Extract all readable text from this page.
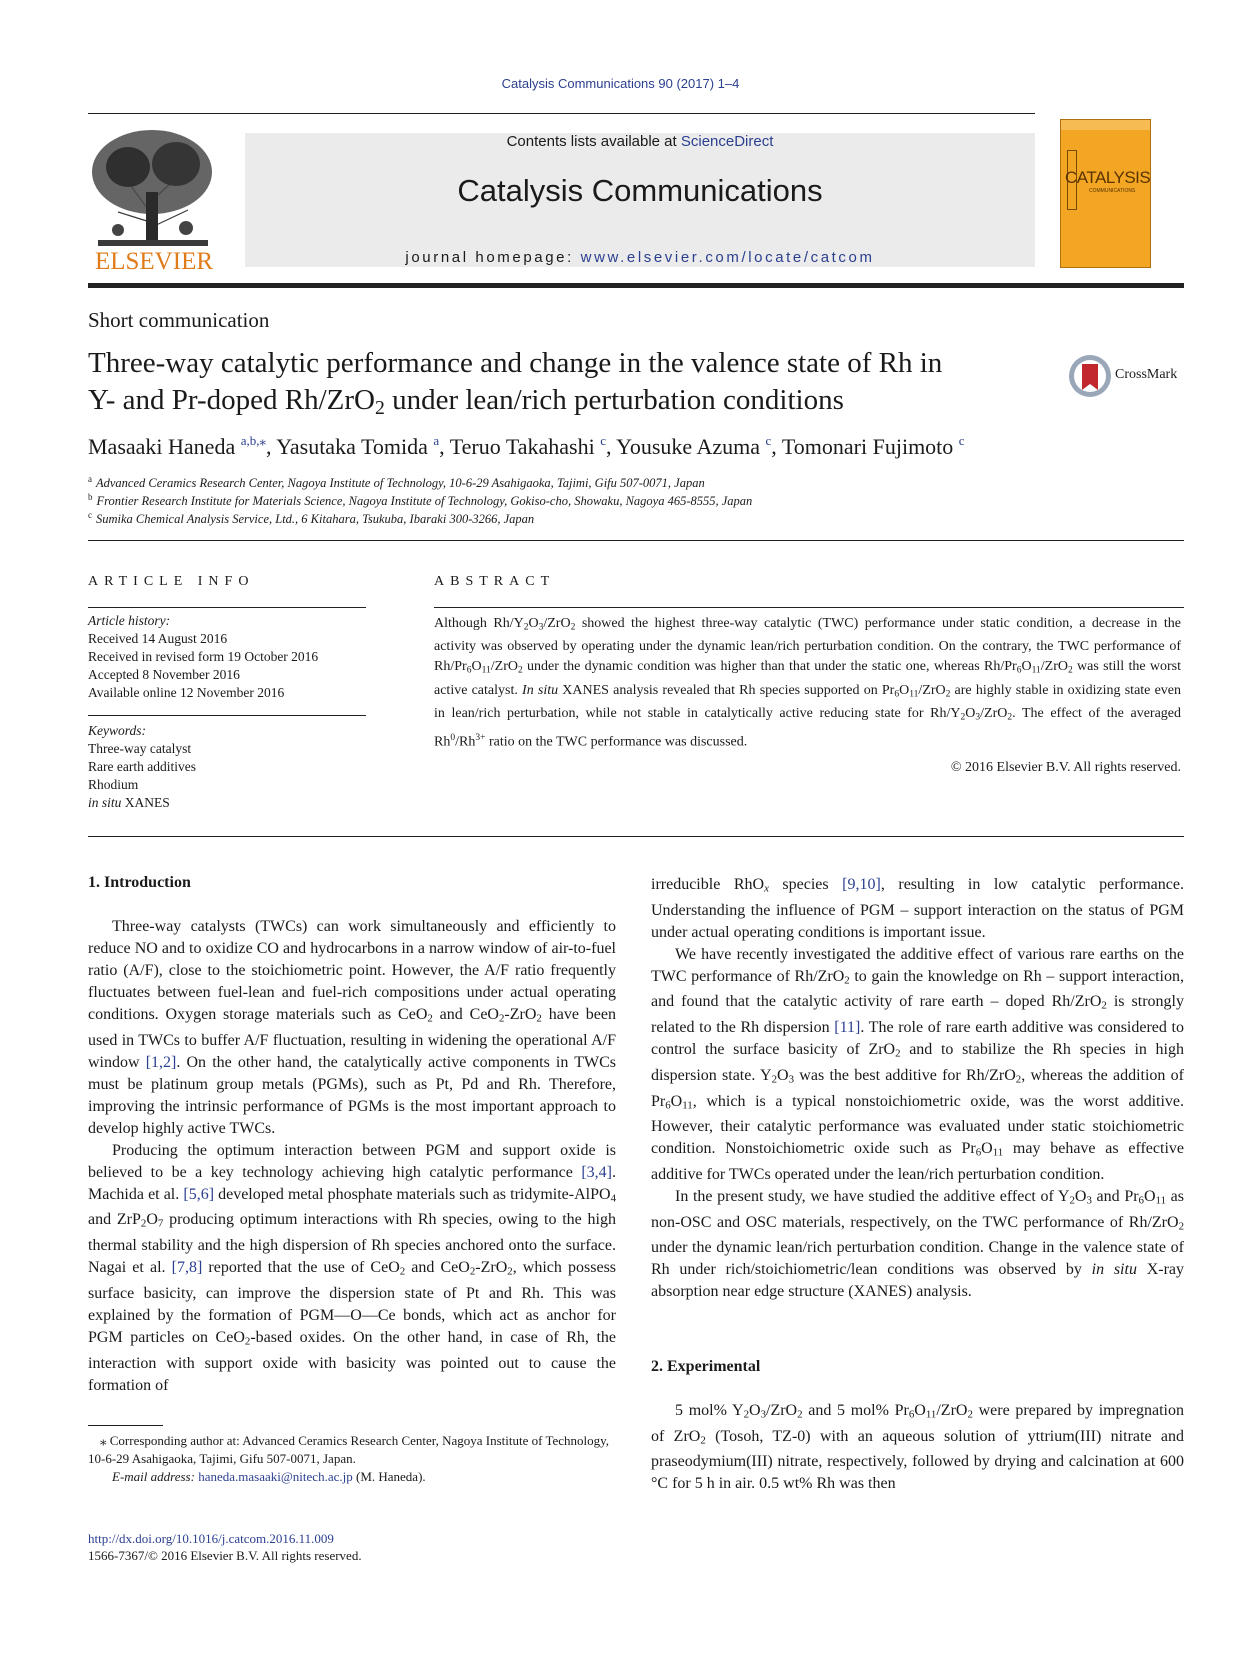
Catalysis Communications 90 (2017) 1–4
ELSEVIER
Contents lists available at ScienceDirect
Catalysis Communications
journal homepage: www.elsevier.com/locate/catcom
CATALYSIS
COMMUNICATIONS
Short communication
Three-way catalytic performance and change in the valence state of Rh in
Y- and Pr-doped Rh/ZrO$_2$ under lean/rich perturbation conditions
CrossMark
Masaaki Haneda $^{a,b,⁎}$, Yasutaka Tomida $^a$, Teruo Takahashi $^c$, Yousuke Azuma $^c$, Tomonari Fujimoto $^c$
$^a$ Advanced Ceramics Research Center, Nagoya Institute of Technology, 10-6-29 Asahigaoka, Tajimi, Gifu 507-0071, Japan
$^b$ Frontier Research Institute for Materials Science, Nagoya Institute of Technology, Gokiso-cho, Showaku, Nagoya 465-8555, Japan
$^c$ Sumika Chemical Analysis Service, Ltd., 6 Kitahara, Tsukuba, Ibaraki 300-3266, Japan
ARTICLE INFO
Article history:
Received 14 August 2016
Received in revised form 19 October 2016
Accepted 8 November 2016
Available online 12 November 2016
Keywords:
Three-way catalyst
Rare earth additives
Rhodium
in situ XANES
ABSTRACT
Although $Rh/Y_2O_3/ZrO_2$ showed the highest three-way catalytic (TWC) performance under static condition, a decrease in the activity was observed by operating under the dynamic lean/rich perturbation condition. On the contrary, the TWC performance of $Rh/Pr_6O_{11}/ZrO_2$ under the dynamic condition was higher than that under the static one, whereas $Rh/Pr_6O_{11}/ZrO_2$ was still the worst active catalyst. In situ XANES analysis revealed that Rh species supported on $Pr_6O_{11}/ZrO_2$ are highly stable in oxidizing state even in lean/rich perturbation, while not stable in catalytically active reducing state for $Rh/Y_2O_3/ZrO_2$. The effect of the averaged $Rh^0/Rh^{3+}$ ratio on the TWC performance was discussed.
© 2016 Elsevier B.V. All rights reserved.
1. Introduction

Three-way catalysts (TWCs) can work simultaneously and efficiently to reduce NO and to oxidize CO and hydrocarbons in a narrow window of air-to-fuel ratio (A/F), close to the stoichiometric point. However, the A/F ratio frequently fluctuates between fuel-lean and fuel-rich compositions under actual operating conditions. Oxygen storage materials such as CeO$_2$ and CeO$_2$-ZrO$_2$ have been used in TWCs to buffer A/F fluctuation, resulting in widening the operational A/F window [1,2]. On the other hand, the catalytically active components in TWCs must be platinum group metals (PGMs), such as Pt, Pd and Rh. Therefore, improving the intrinsic performance of PGMs is the most important approach to develop highly active TWCs.

Producing the optimum interaction between PGM and support oxide is believed to be a key technology achieving high catalytic performance [3,4]. Machida et al. [5,6] developed metal phosphate materials such as tridymite-AlPO$_4$ and $ZrP_2O_7$ producing optimum interactions with Rh species, owing to the high thermal stability and the high dispersion of Rh species anchored onto the surface. Nagai et al. [7,8] reported that the use of CeO$_2$ and CeO$_2$-ZrO$_2$, which possess surface basicity, can improve the dispersion state of Pt and Rh. This was explained by the formation of PGM—O—Ce bonds, which act as anchor for PGM particles on CeO$_2$-based oxides. On the other hand, in case of Rh, the interaction with support oxide with basicity was pointed out to cause the formation of

⁎ Corresponding author at: Advanced Ceramics Research Center, Nagoya Institute of Technology, 10-6-29 Asahigaoka, Tajimi, Gifu 507-0071, Japan.
E-mail address: haneda.masaaki@nitech.ac.jp (M. Haneda).
http://dx.doi.org/10.1016/j.catcom.2016.11.009
1566-7367/© 2016 Elsevier B.V. All rights reserved.

irreducible RhO$_x$ species [9,10], resulting in low catalytic performance. Understanding the influence of PGM – support interaction on the status of PGM under actual operating conditions is important issue.

We have recently investigated the additive effect of various rare earths on the TWC performance of Rh/ZrO$_2$ to gain the knowledge on Rh – support interaction, and found that the catalytic activity of rare earth – doped Rh/ZrO$_2$ is strongly related to the Rh dispersion [11]. The role of rare earth additive was considered to control the surface basicity of ZrO$_2$ and to stabilize the Rh species in high dispersion state. $Y_2O_3$ was the best additive for Rh/ZrO$_2$, whereas the addition of $Pr_6O_{11}$, which is a typical nonstoichiometric oxide, was the worst additive. However, their catalytic performance was evaluated under static stoichiometric condition. Nonstoichiometric oxide such as $Pr_6O_{11}$ may behave as effective additive for TWCs operated under the lean/rich perturbation condition.

In the present study, we have studied the additive effect of $Y_2O_3$ and $Pr_6O_{11}$ as non-OSC and OSC materials, respectively, on the TWC performance of Rh/ZrO$_2$ under the dynamic lean/rich perturbation condition. Change in the valence state of Rh under rich/stoichiometric/lean conditions was observed by in situ X-ray absorption near edge structure (XANES) analysis.

2. Experimental

5 mol% $Y_2O_3/ZrO_2$ and 5 mol% $Pr_6O_{11}/ZrO_2$ were prepared by impregnation of ZrO$_2$ (Tosoh, TZ-0) with an aqueous solution of yttrium(III) nitrate and praseodymium(III) nitrate, respectively, followed by drying and calcination at 600 °C for 5 h in air. 0.5 wt% Rh was then
